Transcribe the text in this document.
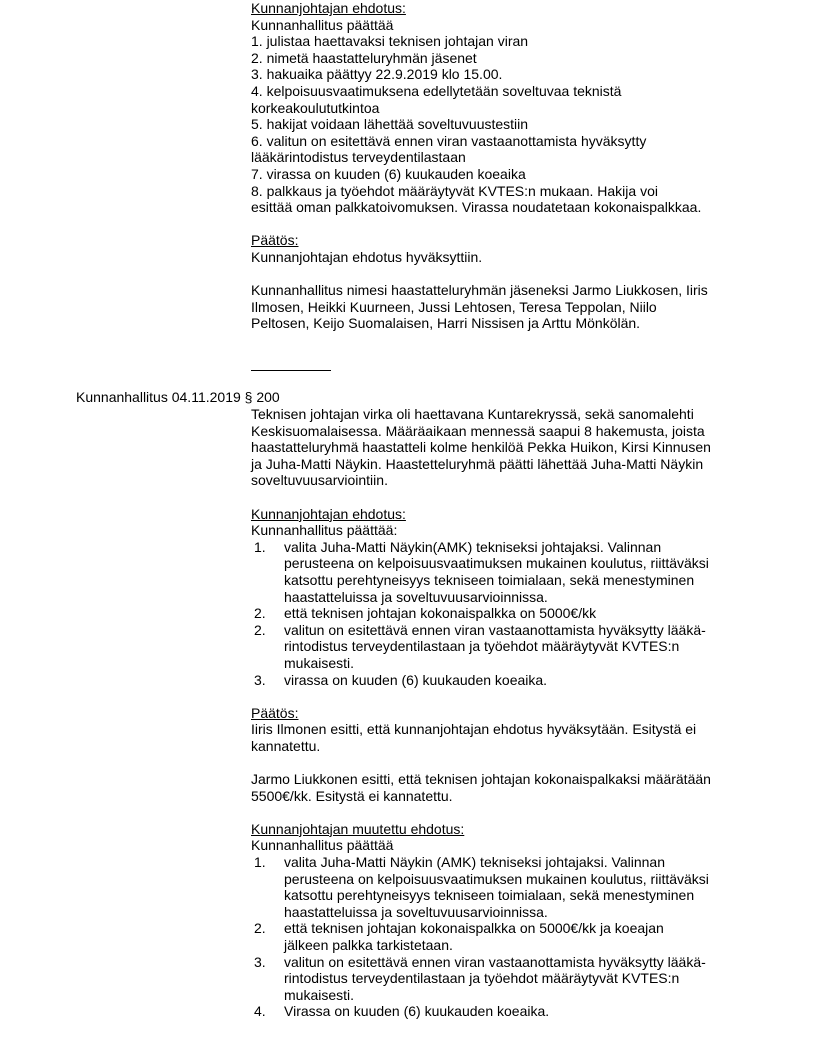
Kunnanjohtajan ehdotus:
Kunnanhallitus päättää
1. julistaa haettavaksi teknisen johtajan viran
2. nimetä haastatteluryhmän jäsenet
3. hakuaika päättyy 22.9.2019 klo 15.00.
4. kelpoisuusvaatimuksena edellytetään soveltuvaa teknistä
korkeakoulututkintoa
5. hakijat voidaan lähettää soveltuvuustestiin
6. valitun on esitettävä ennen viran vastaanottamista hyväksytty
lääkärintodistus terveydentilastaan
7. virassa on kuuden (6) kuukauden koeaika
8. palkkaus ja työehdot määräytyvät KVTES:n mukaan. Hakija voi
esittää oman palkkatoivomuksen. Virassa noudatetaan kokonaispalkkaa.
Päätös:
Kunnanjohtajan ehdotus hyväksyttiin.
Kunnanhallitus nimesi haastatteluryhmän jäseneksi Jarmo Liukkosen, Iiris
Ilmosen, Heikki Kuurneen, Jussi Lehtosen, Teresa Teppolan, Niilo
Peltosen, Keijo Suomalaisen, Harri Nissisen ja Arttu Mönkölän.
Kunnanhallitus 04.11.2019 § 200
Teknisen johtajan virka oli haettavana Kuntarekryssä, sekä sanomalehti
Keskisuomalaisessa. Määräaikaan mennessä saapui 8 hakemusta, joista
haastatteluryhmä haastatteli kolme henkilöä Pekka Huikon, Kirsi Kinnusen
ja Juha-Matti Näykin. Haastetteluryhmä päätti lähettää Juha-Matti Näykin
soveltuvuusarviointiin.
Kunnanjohtajan ehdotus:
Kunnanhallitus päättää:
1. valita Juha-Matti Näykin(AMK) tekniseksi johtajaksi. Valinnan
perusteena on kelpoisuusvaatimuksen mukainen koulutus, riittäväksi
katsottu perehtyneisyys tekniseen toimialaan, sekä menestyminen
haastatteluissa ja soveltuvuusarvioinnissa.
2. että teknisen johtajan kokonaispalkka on 5000€/kk
2. valitun on esitettävä ennen viran vastaanottamista hyväksytty lääkä-
rintodistus terveydentilastaan ja työehdot määräytyvät KVTES:n
mukaisesti.
3. virassa on kuuden (6) kuukauden koeaika.
Päätös:
Iiris Ilmonen esitti, että kunnanjohtajan ehdotus hyväksytään. Esitystä ei
kannatettu.
Jarmo Liukkonen esitti, että teknisen johtajan kokonaispalkaksi määrätään
5500€/kk. Esitystä ei kannatettu.
Kunnanjohtajan muutettu ehdotus:
Kunnanhallitus päättää
1. valita Juha-Matti Näykin (AMK) tekniseksi johtajaksi. Valinnan
perusteena on kelpoisuusvaatimuksen mukainen koulutus, riittäväksi
katsottu perehtyneisyys tekniseen toimialaan, sekä menestyminen
haastatteluissa ja soveltuvuusarvioinnissa.
2. että teknisen johtajan kokonaispalkka on 5000€/kk ja koeajan
jälkeen palkka tarkistetaan.
3. valitun on esitettävä ennen viran vastaanottamista hyväksytty lääkä-
rintodistus terveydentilastaan ja työehdot määräytyvät KVTES:n
mukaisesti.
4. Virassa on kuuden (6) kuukauden koeaika.
